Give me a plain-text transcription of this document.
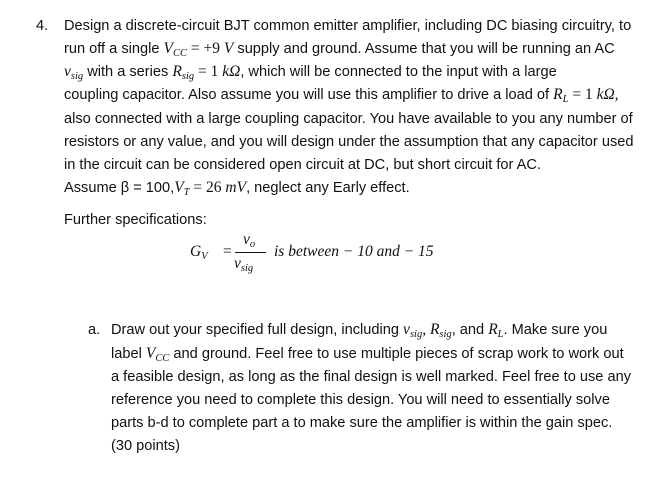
4. Design a discrete-circuit BJT common emitter amplifier, including DC biasing circuitry, to
run off a single $V_{CC} = +9$ V supply and ground. Assume that you will be running an AC
$v_{sig}$ with a series $R_{sig} = 1$ kΩ, which will be connected to the input with a large
coupling capacitor. Also assume you will use this amplifier to drive a load of $R_L = 1$ kΩ,
also connected with a large coupling capacitor. You have available to you any number of
resistors or any value, and you will design under the assumption that any capacitor used
in the circuit can be considered open circuit at DC, but short circuit for AC.
Assume $\beta = 100,V_T = 26$ mV, neglect any Early effect.
Further specifications:
$G_V$ =
$v_o$
$v_{sig}$
is between − 10 and − 15
a. Draw out your specified full design, including $v_{sig}$, $R_{sig}$, and $R_L$. Make sure you
label $V_{CC}$ and ground. Feel free to use multiple pieces of scrap work to work out
a feasible design, as long as the final design is well marked. Feel free to use any
reference you need to complete this design. You will need to essentially solve
parts b-d to complete part a to make sure the amplifier is within the gain spec.
(30 points)
